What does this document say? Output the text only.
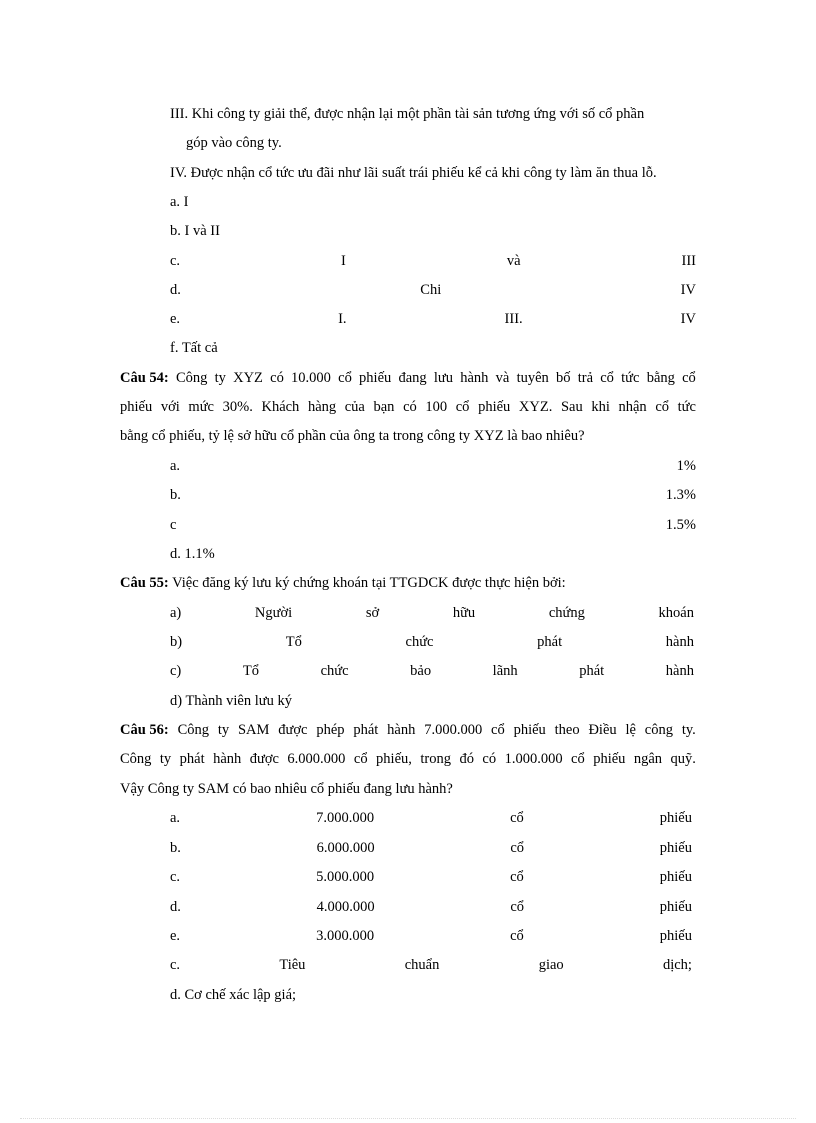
III. Khi công ty giải thể, được nhận lại một phần tài sản tương ứng với số cổ phần
góp vào công ty.
IV. Được nhận cổ tức ưu đãi như lãi suất trái phiếu kể cả khi công ty làm ăn thua lỗ.
a. I
b. I và II
c.	I	và	III
d.	Chi	IV
e.	I.	III.	IV
f. Tất cả
Câu 54: Công ty XYZ có 10.000 cổ phiếu đang lưu hành và tuyên bố trả cổ tức bằng cổ
phiếu với mức 30%. Khách hàng của bạn có 100 cổ phiếu XYZ. Sau khi nhận cổ tức
bằng cổ phiếu, tỷ lệ sở hữu cổ phần của ông ta trong công ty XYZ là bao nhiêu?
a.	1%
b.	1.3%
c	1.5%
d. 1.1%
Câu 55: Việc đăng ký lưu ký chứng khoán tại TTGDCK được thực hiện bởi:
a)	Người	sở	hữu	chứng	khoán
b)	Tổ	chức	phát	hành
c)	Tổ	chức	bảo	lãnh	phát	hành
d) Thành viên lưu ký
Câu 56: Công ty SAM được phép phát hành 7.000.000 cổ phiếu theo Điều lệ công ty.
Công ty phát hành được 6.000.000 cổ phiếu, trong đó có 1.000.000 cổ phiếu ngân quỹ.
Vậy Công ty SAM có bao nhiêu cổ phiếu đang lưu hành?
a.	7.000.000	cổ	phiếu
b.	6.000.000	cổ	phiếu
c.	5.000.000	cổ	phiếu
d.	4.000.000	cổ	phiếu
e.	3.000.000	cổ	phiếu
c.	Tiêu	chuẩn	giao	dịch;
d. Cơ chế xác lập giá;
